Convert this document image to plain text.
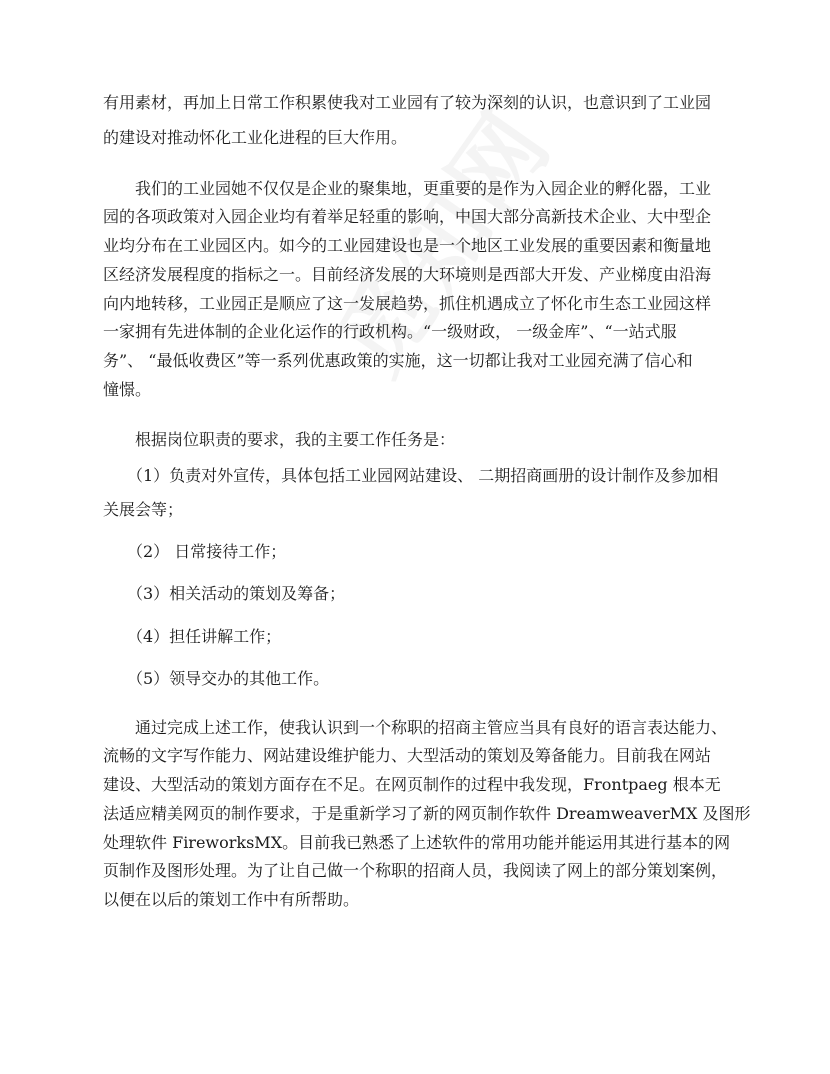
有用素材，再加上日常工作积累使我对工业园有了较为深刻的认识，也意识到了工业园
的建设对推动怀化工业化进程的巨大作用。
　　我们的工业园她不仅仅是企业的聚集地，更重要的是作为入园企业的孵化器，工业
园的各项政策对入园企业均有着举足轻重的影响，中国大部分高新技术企业、大中型企
业均分布在工业园区内。如今的工业园建设也是一个地区工业发展的重要因素和衡量地
区经济发展程度的指标之一。目前经济发展的大环境则是西部大开发、产业梯度由沿海
向内地转移，工业园正是顺应了这一发展趋势，抓住机遇成立了怀化市生态工业园这样
一家拥有先进体制的企业化运作的行政机构。“一级财政， 一级金库”、“一站式服
务”、 “最低收费区”等一系列优惠政策的实施，这一切都让我对工业园充满了信心和
憧憬。
　　根据岗位职责的要求，我的主要工作任务是：
　　（1）负责对外宣传，具体包括工业园网站建设、 二期招商画册的设计制作及参加相
关展会等；
　　（2） 日常接待工作；
　　（3）相关活动的策划及筹备；
　　（4）担任讲解工作；
　　（5）领导交办的其他工作。
　　通过完成上述工作，使我认识到一个称职的招商主管应当具有良好的语言表达能力、
流畅的文字写作能力、网站建设维护能力、大型活动的策划及筹备能力。目前我在网站
建设、大型活动的策划方面存在不足。在网页制作的过程中我发现，Frontpaeg 根本无
法适应精美网页的制作要求，于是重新学习了新的网页制作软件 DreamweaverMX 及图形
处理软件 FireworksMX。目前我已熟悉了上述软件的常用功能并能运用其进行基本的网
页制作及图形处理。为了让自己做一个称职的招商人员，我阅读了网上的部分策划案例，
以便在以后的策划工作中有所帮助。
